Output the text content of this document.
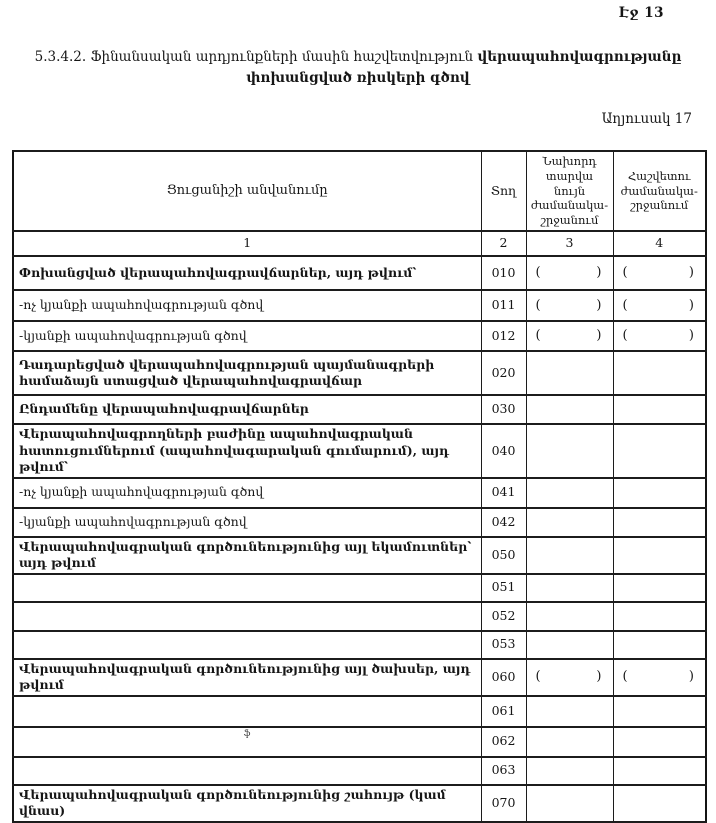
Էջ 13
5.3.4.2. Ֆինանսական արդյունքների մասին հաշվետվություն վերապահովագրությանը փոխանցված ռիսկերի գծով
Աղյուսակ 17
Ցուցանիշի անվանումը	Տող	Նախորդ տարվա նույն ժամանակա-շրջանում	Հաշվետու ժամանակա-շրջանում
1	2	3	4
Փոխանցված վերապահովագրավճարներ, այդ թվում՝	010	( )	( )

-ոչ կյանքի ապահովագրության գծով	011	( )	( )

-կյանքի ապահովագրության գծով	012	( )	( )

Դադարեցված վերապահովագրության պայմանագրերի համաձայն ստացված վերապահովագրավճար	020		
Ընդամենը վերապահովագրավճարներ	030		
Վերապահովագրողների բաժինը ապահովագրական հատուցումներում (ապահովագարական գումարում), այդ թվում՝	040		
-ոչ կյանքի ապահովագրության գծով	041		
-կյանքի ապահովագրության գծով	042		
Վերապահովագրական գործունեությունից այլ եկամուտներ՝ այդ թվում	050		
	051		
	052		
	053		
Վերապահովագրական գործունեությունից այլ ծախսեր, այդ թվում	060	( )	( )

	061		
ֆ	062		
	063		
Վերապահովագրական գործունեությունից շահույթ (կամ վնաս)	070		
